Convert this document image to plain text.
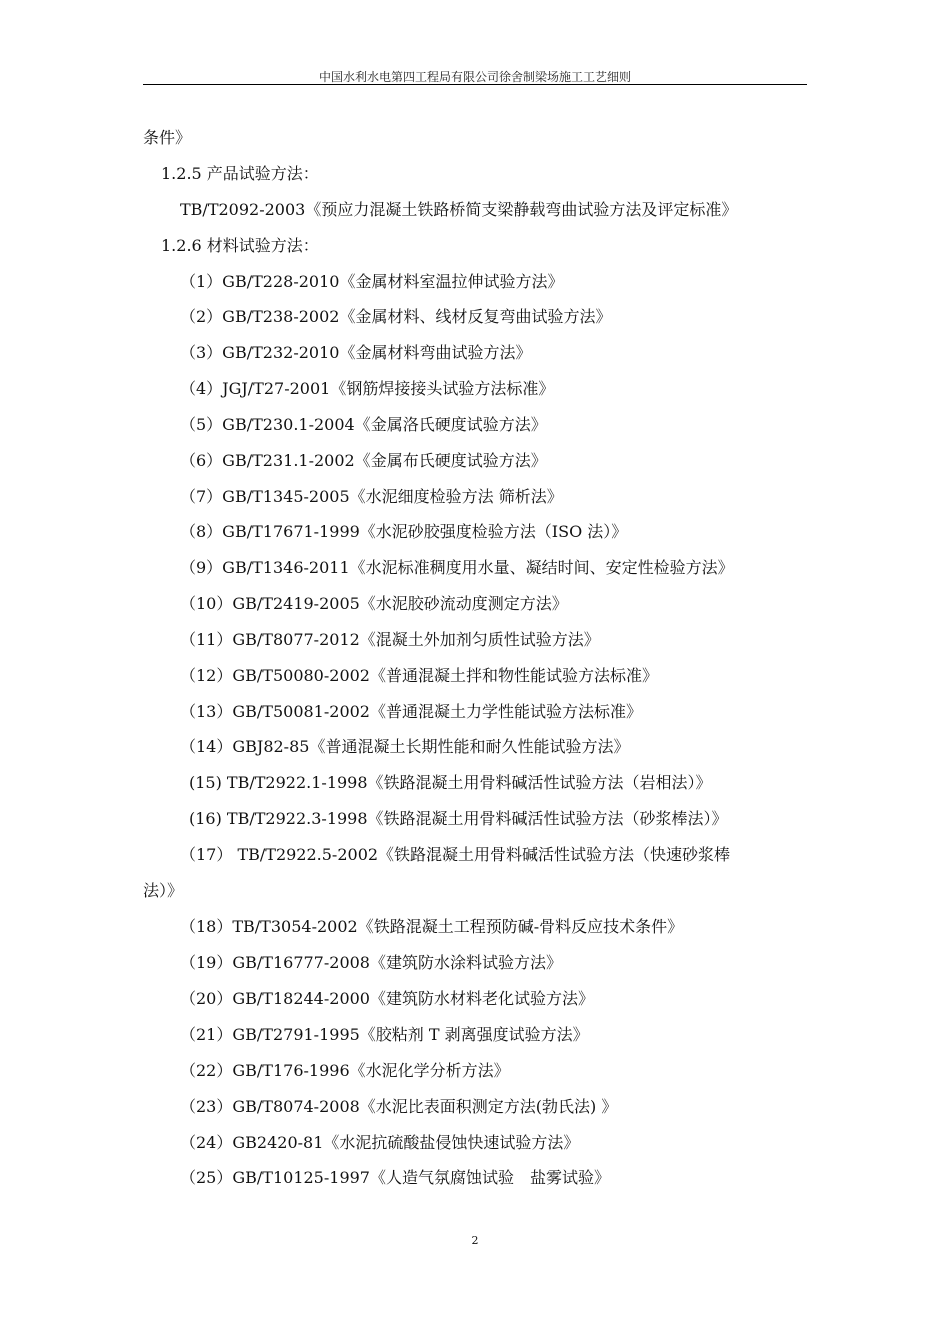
中国水利水电第四工程局有限公司徐舍制梁场施工工艺细则
条件》
1.2.5 产品试验方法：
TB/T2092-2003《预应力混凝土铁路桥简支梁静载弯曲试验方法及评定标准》
1.2.6 材料试验方法：
（1）GB/T228-2010《金属材料室温拉伸试验方法》
（2）GB/T238-2002《金属材料、线材反复弯曲试验方法》
（3）GB/T232-2010《金属材料弯曲试验方法》
（4）JGJ/T27-2001《钢筋焊接接头试验方法标准》
（5）GB/T230.1-2004《金属洛氏硬度试验方法》
（6）GB/T231.1-2002《金属布氏硬度试验方法》
（7）GB/T1345-2005《水泥细度检验方法 筛析法》
（8）GB/T17671-1999《水泥砂胶强度检验方法（ISO 法）》
（9）GB/T1346-2011《水泥标准稠度用水量、凝结时间、安定性检验方法》
（10）GB/T2419-2005《水泥胶砂流动度测定方法》
（11）GB/T8077-2012《混凝土外加剂匀质性试验方法》
（12）GB/T50080-2002《普通混凝土拌和物性能试验方法标准》
（13）GB/T50081-2002《普通混凝土力学性能试验方法标准》
（14）GBJ82-85《普通混凝土长期性能和耐久性能试验方法》
(15) TB/T2922.1-1998《铁路混凝土用骨料碱活性试验方法（岩相法）》
(16) TB/T2922.3-1998《铁路混凝土用骨料碱活性试验方法（砂浆棒法）》
（17） TB/T2922.5-2002《铁路混凝土用骨料碱活性试验方法（快速砂浆棒
法）》
（18）TB/T3054-2002《铁路混凝土工程预防碱-骨料反应技术条件》
（19）GB/T16777-2008《建筑防水涂料试验方法》
（20）GB/T18244-2000《建筑防水材料老化试验方法》
（21）GB/T2791-1995《胶粘剂 T 剥离强度试验方法》
（22）GB/T176-1996《水泥化学分析方法》
（23）GB/T8074-2008《水泥比表面积测定方法(勃氏法) 》
（24）GB2420-81《水泥抗硫酸盐侵蚀快速试验方法》
（25）GB/T10125-1997《人造气氛腐蚀试验　盐雾试验》
2
